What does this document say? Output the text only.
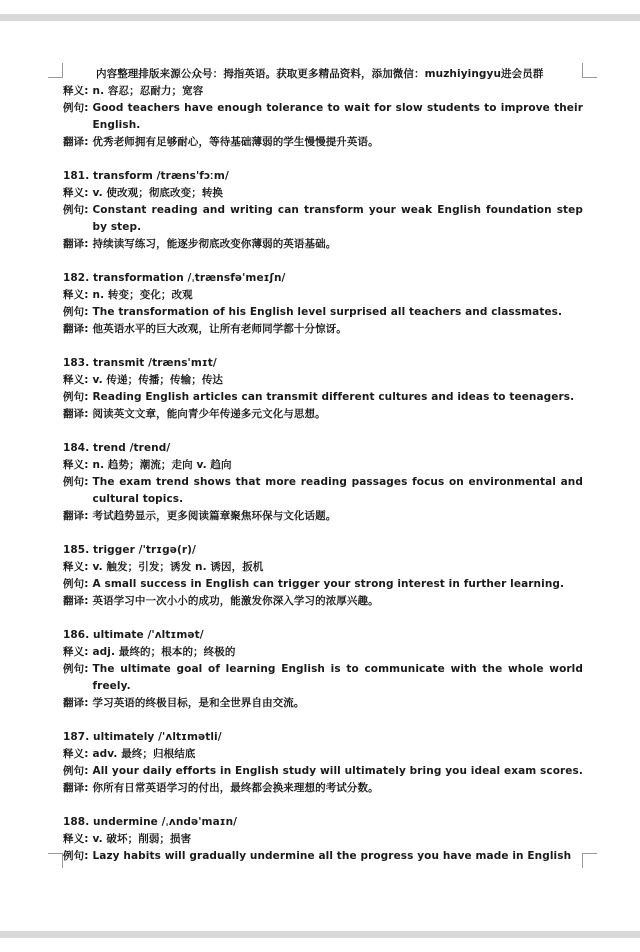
内容整理排版来源公众号：拇指英语。获取更多精品资料，添加微信：muzhiyingyu进会员群
释义: n. 容忍；忍耐力；宽容
例句: Good teachers have enough tolerance to wait for slow students to improve their English.
翻译: 优秀老师拥有足够耐心，等待基础薄弱的学生慢慢提升英语。
181. transform /træns'fɔːm/
释义: v. 使改观；彻底改变；转换
例句: Constant reading and writing can transform your weak English foundation step by step.
翻译: 持续读写练习，能逐步彻底改变你薄弱的英语基础。
182. transformation /ˌtrænsfə'meɪʃn/
释义: n. 转变；变化；改观
例句: The transformation of his English level surprised all teachers and classmates.
翻译: 他英语水平的巨大改观，让所有老师同学都十分惊讶。
183. transmit /træns'mɪt/
释义: v. 传递；传播；传输；传达
例句: Reading English articles can transmit different cultures and ideas to teenagers.
翻译: 阅读英文文章，能向青少年传递多元文化与思想。
184. trend /trend/
释义: n. 趋势；潮流；走向 v. 趋向
例句: The exam trend shows that more reading passages focus on environmental and cultural topics.
翻译: 考试趋势显示，更多阅读篇章聚焦环保与文化话题。
185. trigger /'trɪgə(r)/
释义: v. 触发；引发；诱发 n. 诱因，扳机
例句: A small success in English can trigger your strong interest in further learning.
翻译: 英语学习中一次小小的成功，能激发你深入学习的浓厚兴趣。
186. ultimate /'ʌltɪmət/
释义: adj. 最终的；根本的；终极的
例句: The ultimate goal of learning English is to communicate with the whole world freely.
翻译: 学习英语的终极目标，是和全世界自由交流。
187. ultimately /'ʌltɪmətli/
释义: adv. 最终；归根结底
例句: All your daily efforts in English study will ultimately bring you ideal exam scores.
翻译: 你所有日常英语学习的付出，最终都会换来理想的考试分数。
188. undermine /ˌʌndə'maɪn/
释义: v. 破坏；削弱；损害
例句: Lazy habits will gradually undermine all the progress you have made in English
